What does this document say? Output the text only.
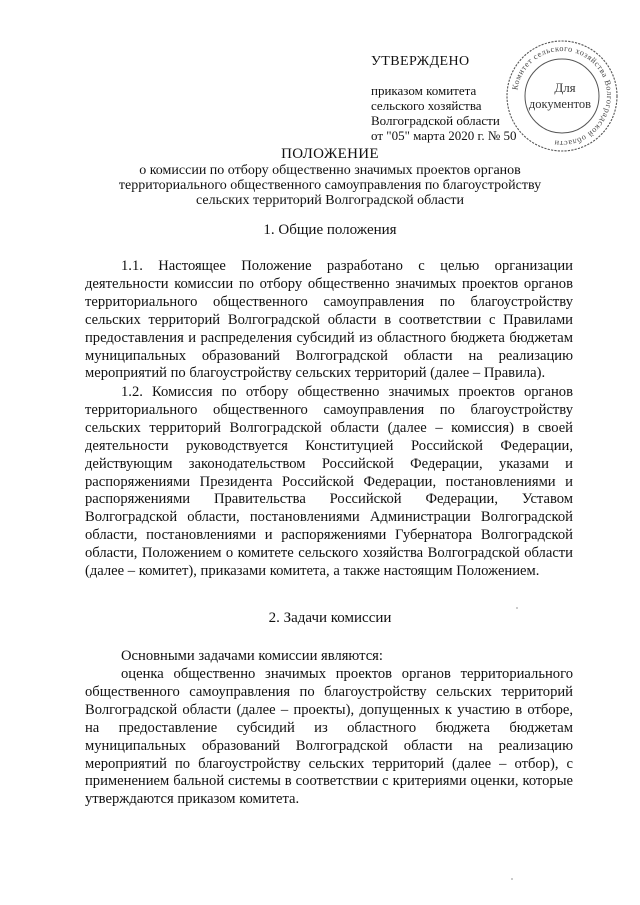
УТВЕРЖДЕНО
приказом комитета
сельского хозяйства
Волгоградской области
от "05" марта 2020 г. № 50
Комитет сельского хозяйства Волгоградской области
Для
документов
ПОЛОЖЕНИЕ
о комиссии по отбору общественно значимых проектов органов
территориального общественного самоуправления по благоустройству
сельских территорий Волгоградской области
1. Общие положения

1.1. Настоящее Положение разработано с целью организации деятельности комиссии по отбору общественно значимых проектов органов территориального общественного самоуправления по благоустройству сельских территорий Волгоградской области в соответствии с Правилами предоставления и распределения субсидий из областного бюджета бюджетам муниципальных образований Волгоградской области на реализацию мероприятий по благоустройству сельских территорий (далее – Правила).

1.2. Комиссия по отбору общественно значимых проектов органов территориального общественного самоуправления по благоустройству сельских территорий Волгоградской области (далее – комиссия) в своей деятельности руководствуется Конституцией Российской Федерации, действующим законодательством Российской Федерации, указами и распоряжениями Президента Российской Федерации, постановлениями и распоряжениями Правительства Российской Федерации, Уставом Волгоградской области, постановлениями Администрации Волгоградской области, постановлениями и распоряжениями Губернатора Волгоградской области, Положением о комитете сельского хозяйства Волгоградской области (далее – комитет), приказами комитета, а также настоящим Положением.

2. Задачи комиссии

Основными задачами комиссии являются:

оценка общественно значимых проектов органов территориального общественного самоуправления по благоустройству сельских территорий Волгоградской области (далее – проекты), допущенных к участию в отборе, на предоставление субсидий из областного бюджета бюджетам муниципальных образований Волгоградской области на реализацию мероприятий по благоустройству сельских территорий (далее – отбор), с применением бальной системы в соответствии с критериями оценки, которые утверждаются приказом комитета.
